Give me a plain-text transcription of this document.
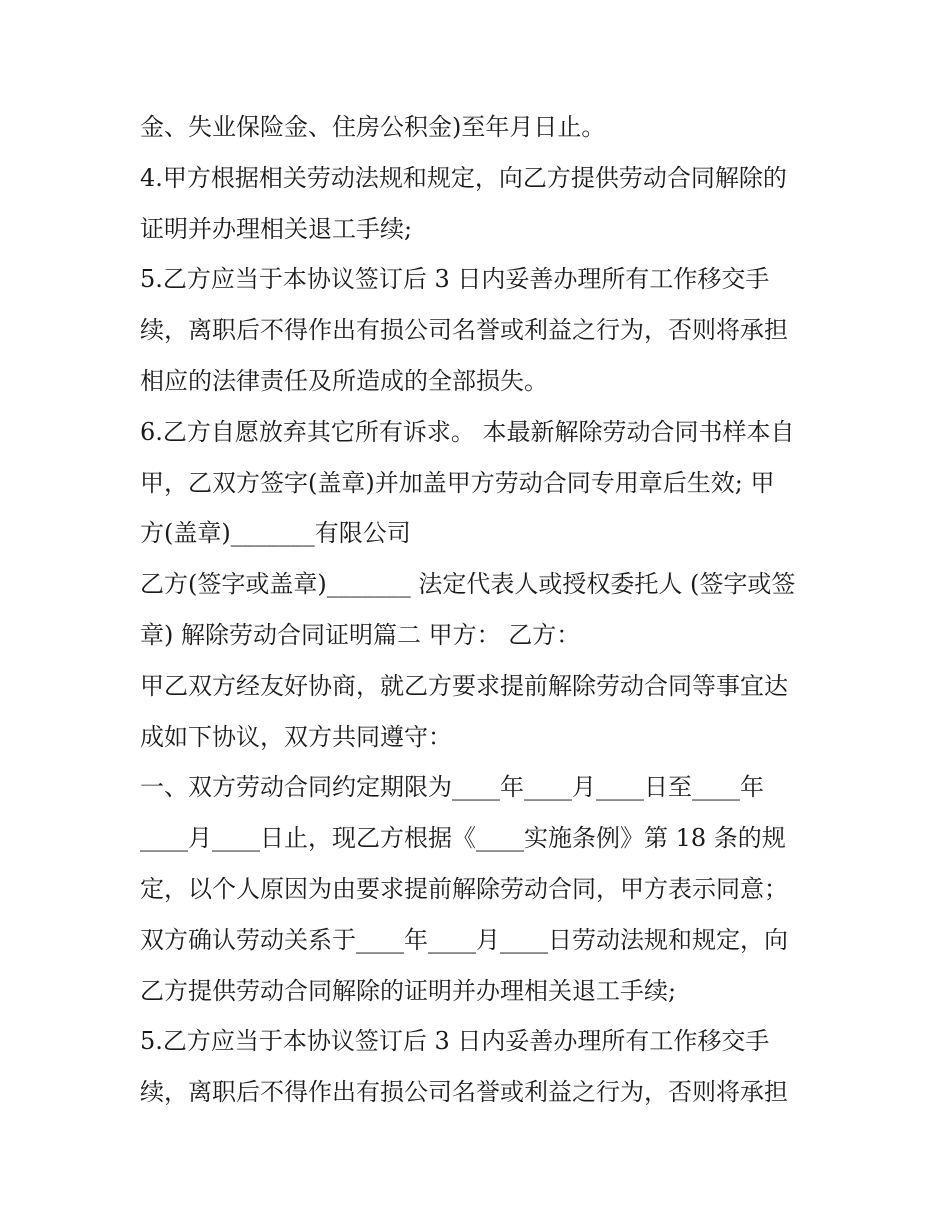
金、失业保险金、住房公积金)至年月日止。
4.甲方根据相关劳动法规和规定，向乙方提供劳动合同解除的
证明并办理相关退工手续;
5.乙方应当于本协议签订后 3 日内妥善办理所有工作移交手
续，离职后不得作出有损公司名誉或利益之行为，否则将承担
相应的法律责任及所造成的全部损失。
6.乙方自愿放弃其它所有诉求。 本最新解除劳动合同书样本自
甲，乙双方签字(盖章)并加盖甲方劳动合同专用章后生效; 甲
方(盖章)_______有限公司
乙方(签字或盖章)_______ 法定代表人或授权委托人 (签字或签
章) 解除劳动合同证明篇二 甲方： 乙方：
甲乙双方经友好协商，就乙方要求提前解除劳动合同等事宜达
成如下协议，双方共同遵守：
一、双方劳动合同约定期限为____年____月____日至____年
____月____日止，现乙方根据《____实施条例》第 18 条的规
定，以个人原因为由要求提前解除劳动合同，甲方表示同意；
双方确认劳动关系于____年____月____日劳动法规和规定，向
乙方提供劳动合同解除的证明并办理相关退工手续;
5.乙方应当于本协议签订后 3 日内妥善办理所有工作移交手
续，离职后不得作出有损公司名誉或利益之行为，否则将承担
